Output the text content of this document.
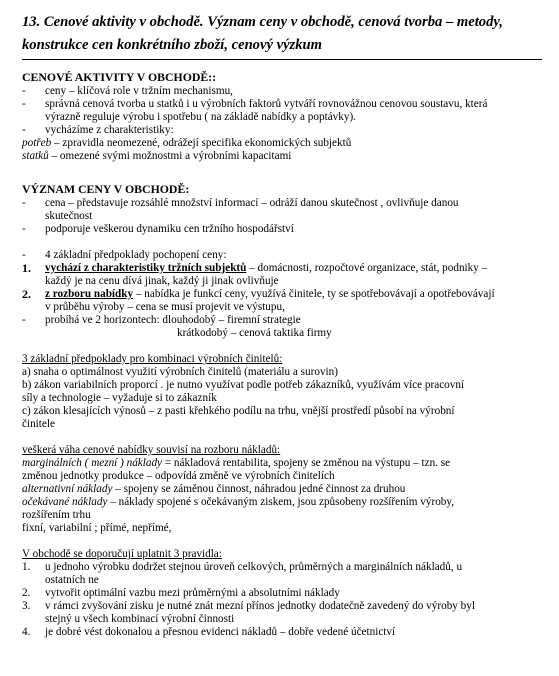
13. Cenové aktivity v obchodě. Význam ceny v obchodě, cenová tvorba – metody,
konstrukce cen konkrétního zboží, cenový výzkum
CENOVÉ AKTIVITY V OBCHODĚ::
-	ceny – klíčová role v tržním mechanismu,
-	správná cenová tvorba u statků i u výrobních faktorů vytváří rovnovážnou cenovou soustavu, která
výrazně reguluje výrobu i spotřebu ( na základě nabídky a poptávky).
-	vycházíme z charakteristiky:
potřeb – zpravidla neomezené, odrážejí specifika ekonomických subjektů
statků – omezené svými možnostmi a výrobními kapacitami
VÝZNAM CENY V OBCHODĚ:
-	cena – představuje rozsáhlé množství informací – odráží danou skutečnost , ovlivňuje danou
skutečnost
-	podporuje veškerou dynamiku cen tržního hospodářství
-	4 základní předpoklady pochopení ceny:
1.	vychází z charakteristiky tržních subjektů – domácnosti, rozpočtové organizace, stát, podniky –
každý je na cenu dívá jinak, každý ji jinak ovlivňuje
2.	z rozboru nabídky – nabídka je funkcí ceny, využívá činitele, ty se spotřebovávají a opotřebovávají
v průběhu výroby – cena se musí projevit ve výstupu,
-	probíhá ve 2 horizontech: dlouhodobý – firemní strategie
krátkodobý – cenová taktika firmy
3 základní předpoklady pro kombinaci výrobních činitelů:
a) snaha o optimálnost využití výrobních činitelů (materiálu a surovin)
b) zákon variabilních proporcí . je nutno využívat podle potřeb zákazníků, využívám více pracovní
síly a technologie – vyžaduje si to zákazník
c) zákon klesajících výnosů – z pasti křehkého podílu na trhu, vnější prostředí působí na výrobní
činitele
veškerá váha cenové nabídky souvisí na rozboru nákladů:
marginálních ( mezní ) náklady = nákladová rentabilita, spojeny se změnou na výstupu – tzn. se
změnou jednotky produkce – odpovídá změně ve výrobních činitelích
alternativní náklady – spojeny se záměnou činnost, náhradou jedné činnost za druhou
očekávané náklady – náklady spojené s očekávaným ziskem, jsou způsobeny rozšířením výroby,
rozšířením trhu
fixní, variabilní ; přímé, nepřímé,
V obchodě se doporučují uplatnit 3 pravidla:
1.	u jednoho výrobku dodržet stejnou úroveň celkových, průměrných a marginálních nákladů, u
ostatních ne
2.	vytvořit optimální vazbu mezi průměrnými a absolutními náklady
3.	v rámci zvyšování zisku je nutné znát mezní přínos jednotky dodatečně zavedený do výroby byl
stejný u všech kombinací výrobní činnosti
4.	je dobré vést dokonalou a přesnou evidenci nákladů – dobře vedené účetnictví
